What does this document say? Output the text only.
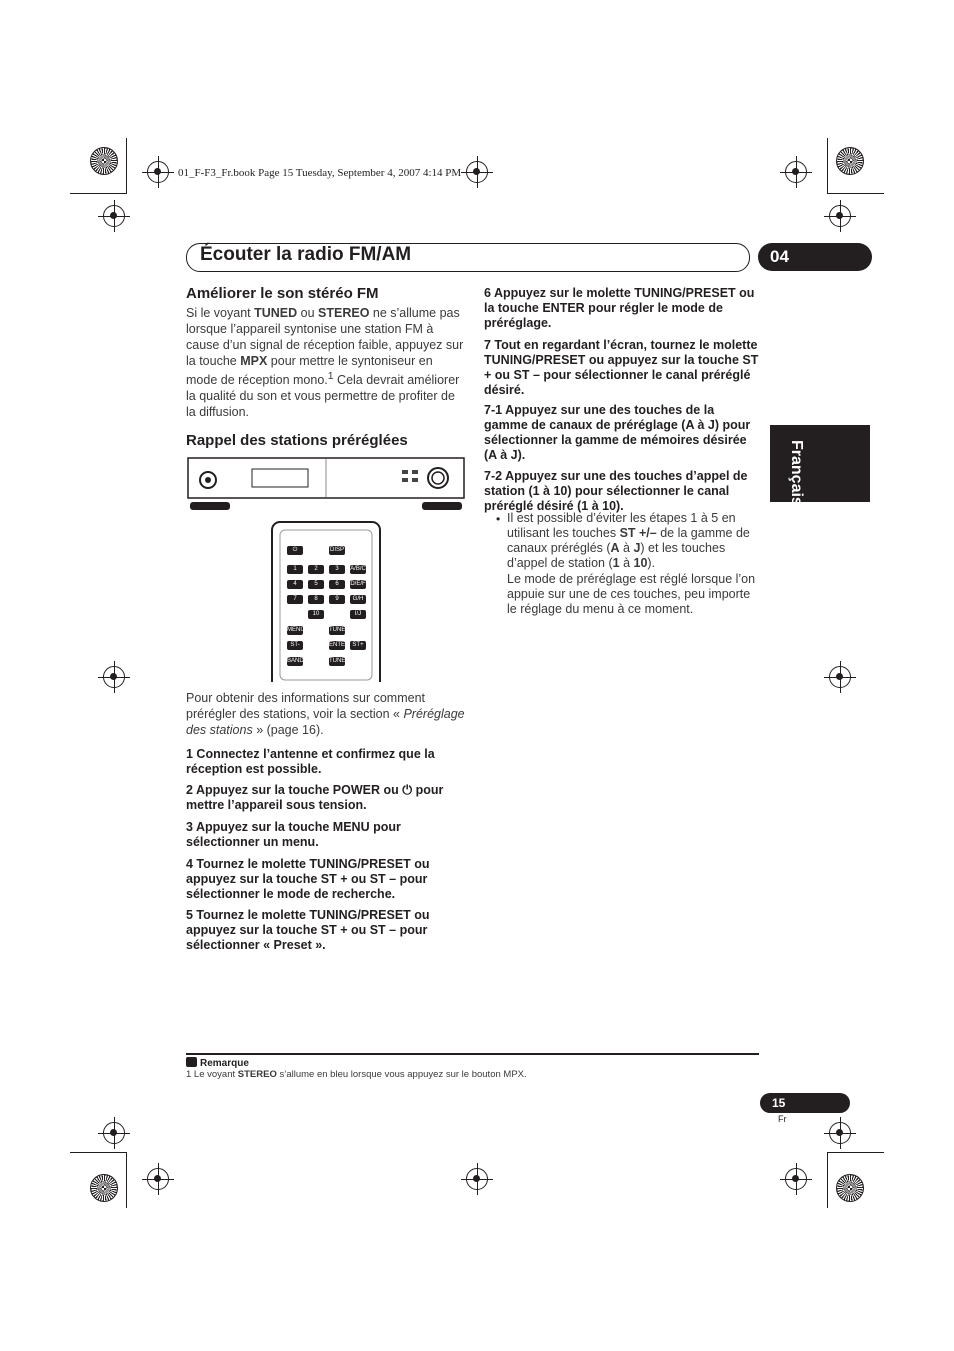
01_F-F3_Fr.book Page 15 Tuesday, September 4, 2007 4:14 PM
Écouter la radio FM/AM	04
Français
Améliorer le son stéréo FM
Si le voyant TUNED ou STEREO ne s’allume pas lorsque l’appareil syntonise une station FM à cause d’un signal de réception faible, appuyez sur la touche MPX pour mettre le syntoniseur en mode de réception mono.$^1$ Cela devrait améliorer la qualité du son et vous permettre de profiter de la diffusion.
Rappel des stations préréglées
⏻	DISP
1	2	3	A/B/C
4	5	6	D/E/F
7	8	9	G/H
10	I/J
MENU	TUNE+
ST-	ENTER ST+
BAND	TUNE-
Pour obtenir des informations sur comment prérégler des stations, voir la section « Préréglage des stations » (page 16).
1 Connectez l’antenne et confirmez que la réception est possible.
2 Appuyez sur la touche POWER ou ⏻ pour mettre l’appareil sous tension.
3 Appuyez sur la touche MENU pour sélectionner un menu.
4 Tournez le molette TUNING/PRESET ou appuyez sur la touche ST + ou ST – pour sélectionner le mode de recherche.
5 Tournez le molette TUNING/PRESET ou appuyez sur la touche ST + ou ST – pour sélectionner « Preset ».
6 Appuyez sur le molette TUNING/PRESET ou la touche ENTER pour régler le mode de préréglage.
7 Tout en regardant l’écran, tournez le molette TUNING/PRESET ou appuyez sur la touche ST + ou ST – pour sélectionner le canal préréglé désiré.
7-1 Appuyez sur une des touches de la gamme de canaux de préréglage (A à J) pour sélectionner la gamme de mémoires désirée (A à J).
7-2 Appuyez sur une des touches d’appel de station (1 à 10) pour sélectionner le canal préréglé désiré (1 à 10).
• Il est possible d’éviter les étapes 1 à 5 en utilisant les touches ST +/– de la gamme de canaux préréglés (A à J) et les touches d’appel de station (1 à 10).
Le mode de préréglage est réglé lorsque l’on appuie sur une de ces touches, peu importe le réglage du menu à ce moment.
Remarque
1 Le voyant STEREO s’allume en bleu lorsque vous appuyez sur le bouton MPX.
15
Fr
